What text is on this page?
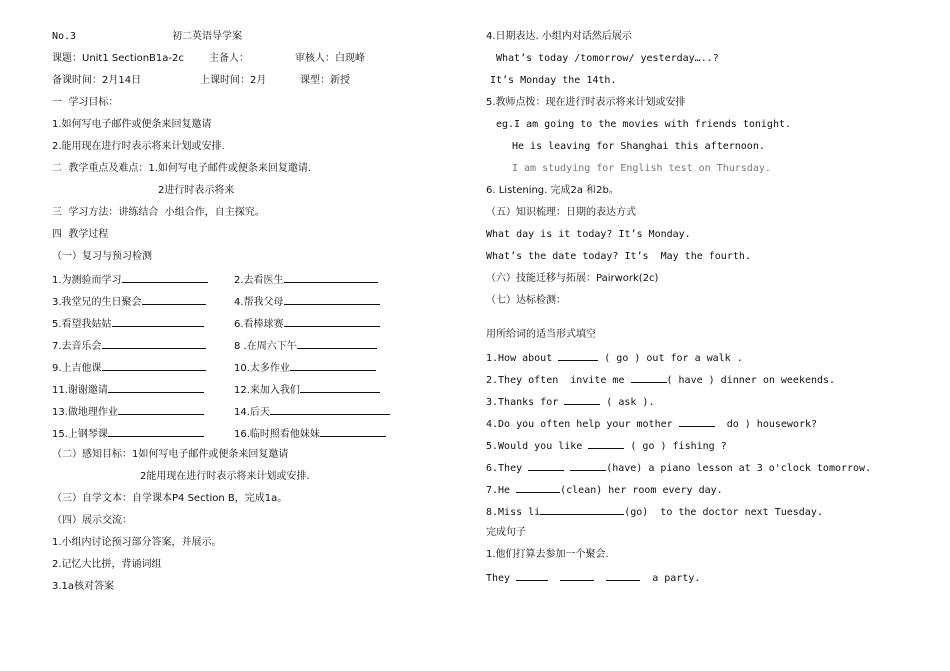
No.3	初二英语导学案
课题：Unit1 SectionB1a-2c	主备人：	审核人：白现峰
备课时间：2月14日	上课时间：2月	课型：新授
一  学习目标：
1.如何写电子邮件或便条来回复邀请
2.能用现在进行时表示将来计划或安排.
二  教学重点及难点：1.如何写电子邮件或便条来回复邀请.
2进行时表示将来
三  学习方法：讲练结合  小组合作，自主探究。
四  教学过程
（一）复习与预习检测
1.为测验而学习	2.去看医生
3.我堂兄的生日聚会	4.帮我父母
5.看望我姑姑	6.看棒球赛
7.去音乐会	8 .在周六下午
9.上吉他课	10.太多作业
11.谢谢邀请	12.来加入我们
13.做地理作业	14.后天
15.上钢琴课	16.临时照看他妹妹
（二）感知目标：1如何写电子邮件或便条来回复邀请
2能用现在进行时表示将来计划或安排.
（三）自学文本：自学课本P4 Section B，完成1a。
（四）展示交流：
1.小组内讨论预习部分答案，并展示。
2.记忆大比拼，背诵词组
3.1a核对答案
4.日期表达. 小组内对话然后展示
What’s today /tomorrow/ yesterday…..?
It’s Monday the 14th.
5.教师点拨：现在进行时表示将来计划或安排
eg.I am going to the movies with friends tonight.
He is leaving for Shanghai this afternoon.
I am studying for English test on Thursday.
6. Listening. 完成2a 和2b。
（五）知识梳理：日期的表达方式
What day is it today? It’s Monday.
What’s the date today? It’s  May the fourth.
（六）技能迁移与拓展：Pairwork(2c)
（七）达标检测：
用所给词的适当形式填空
1.How about	( go ) out for a walk .
2.They often  invite me	( have ) dinner on weekends.
3.Thanks for	( ask ).
4.Do you often help your mother	do ) housework?
5.Would you like	( go ) fishing ?
6.They	(have) a piano lesson at 3 o'clock tomorrow.
7.He	(clean) her room every day.
8.Miss li	(go)  to the doctor next Tuesday.
完成句子
1.他们打算去参加一个聚会.
They	a party.
